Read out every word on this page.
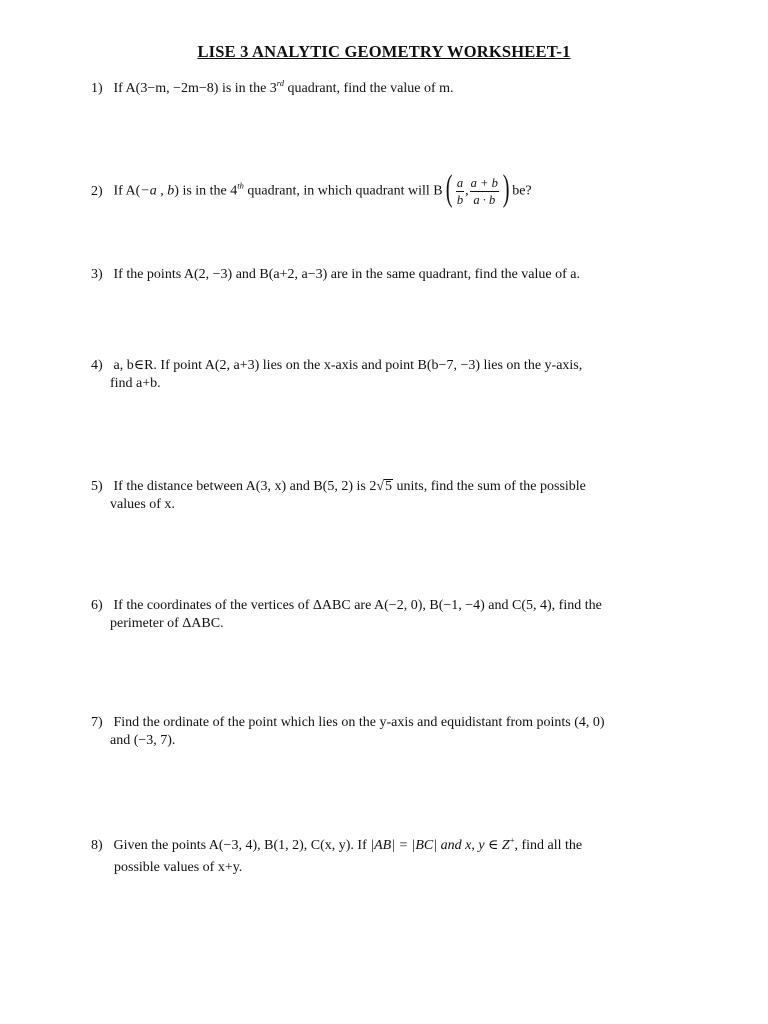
LISE 3 ANALYTIC GEOMETRY WORKSHEET-1
1) If A(3−m, −2m−8) is in the 3rd quadrant, find the value of m.
2) If A(−a , b) is in the 4th quadrant, in which quadrant will $B( \frac{a}{b}$ , $\frac{a + b}{a \cdot b}$ ) be?
3) If the points A(2, −3) and B(a+2, a−3) are in the same quadrant, find the value of a.
4) a, b∈R. If point A(2, a+3) lies on the x-axis and point B(b−7, −3) lies on the y-axis,
find a+b.
5) If the distance between A(3, x) and B(5, 2) is 2√5 units, find the sum of the possible
values of x.
6) If the coordinates of the vertices of ΔABC are A(−2, 0), B(−1, −4) and C(5, 4), find the
perimeter of ΔABC.
7) Find the ordinate of the point which lies on the y-axis and equidistant from points (4, 0)
and (−3, 7).
8) Given the points A(−3, 4), B(1, 2), C(x, y). If |AB| = |BC| and x, y ∈ Z+, find all the
possible values of x+y.
